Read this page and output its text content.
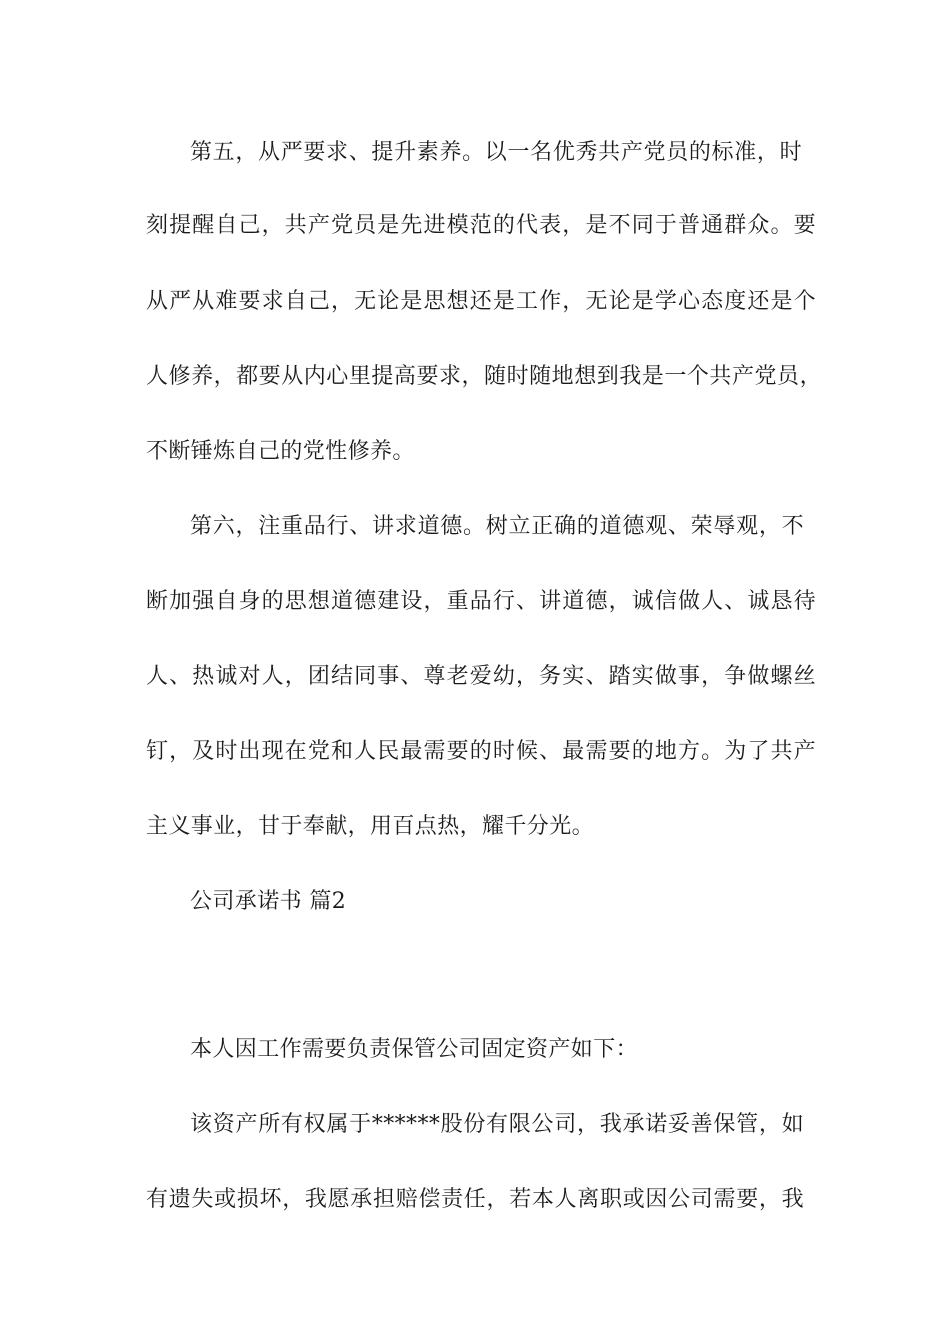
第五，从严要求、提升素养。以一名优秀共产党员的标准，时
刻提醒自己，共产党员是先进模范的代表，是不同于普通群众。要
从严从难要求自己，无论是思想还是工作，无论是学心态度还是个
人修养，都要从内心里提高要求，随时随地想到我是一个共产党员，
不断锤炼自己的党性修养。
第六，注重品行、讲求道德。树立正确的道德观、荣辱观，不
断加强自身的思想道德建设，重品行、讲道德，诚信做人、诚恳待
人、热诚对人，团结同事、尊老爱幼，务实、踏实做事，争做螺丝
钉，及时出现在党和人民最需要的时候、最需要的地方。为了共产
主义事业，甘于奉献，用百点热，耀千分光。
公司承诺书 篇2
本人因工作需要负责保管公司固定资产如下：
该资产所有权属于******股份有限公司，我承诺妥善保管，如
有遗失或损坏，我愿承担赔偿责任，若本人离职或因公司需要，我
